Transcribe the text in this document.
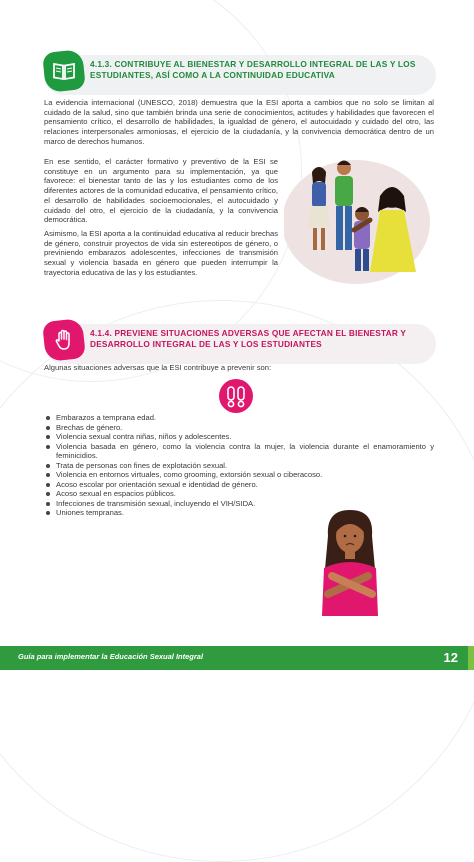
4.1.3. CONTRIBUYE AL BIENESTAR Y DESARROLLO INTEGRAL DE LAS Y LOS ESTUDIANTES, ASÍ COMO A LA CONTINUIDAD EDUCATIVA
La evidencia internacional (UNESCO, 2018) demuestra que la ESI aporta a cambios que no solo se limitan al cuidado de la salud, sino que también brinda una serie de conocimientos, actitudes y habilidades que favorecen el pensamiento crítico, el desarrollo de habilidades, la igualdad de género, el autocuidado y cuidado del otro, las relaciones interpersonales armoniosas, el ejercicio de la ciudadanía, y la convivencia democrática dentro de un marco de derechos humanos.
En ese sentido, el carácter formativo y preventivo de la ESI se constituye en un argumento para su implementación, ya que favorece: el bienestar tanto de las y los estudiantes como de los diferentes actores de la comunidad educativa, el pensamiento crítico, el desarrollo de habilidades socioemocionales, el autocuidado y cuidado del otro, el ejercicio de la ciudadanía, y la convivencia democrática.
Asimismo, la ESI aporta a la continuidad educativa al reducir brechas de género, construir proyectos de vida sin estereotipos de género, o previniendo embarazos adolescentes, infecciones de transmisión sexual y violencia basada en género que pueden interrumpir la trayectoria educativa de las y los estudiantes.
4.1.4. PREVIENE SITUACIONES ADVERSAS QUE AFECTAN EL BIENESTAR Y DESARROLLO INTEGRAL DE LAS Y LOS ESTUDIANTES
Algunas situaciones adversas que la ESI contribuye a prevenir son:
Embarazos a temprana edad.
Brechas de género.
Violencia sexual contra niñas, niños y adolescentes.
Violencia basada en género, como la violencia contra la mujer, la violencia durante el enamoramiento y feminicidios.
Trata de personas con fines de explotación sexual.
Violencia en entornos virtuales, como grooming, extorsión sexual o ciberacoso.
Acoso escolar por orientación sexual e identidad de género.
Acoso sexual en espacios públicos.
Infecciones de transmisión sexual, incluyendo el VIH/SIDA.
Uniones tempranas.
Guía para implementar la Educación Sexual Integral	12
